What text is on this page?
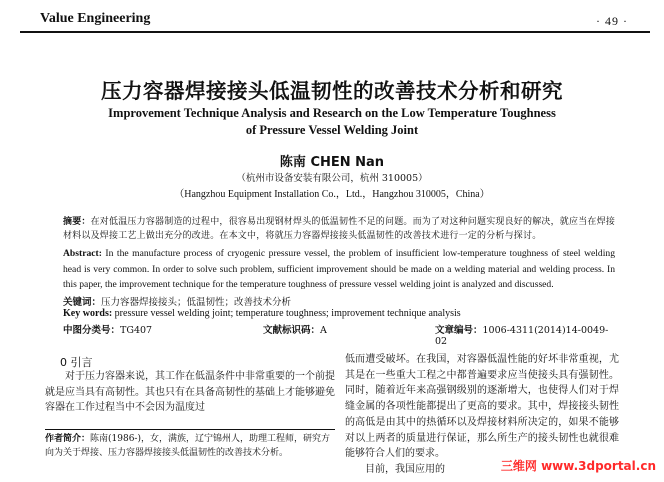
Value Engineering	· 49 ·
压力容器焊接接头低温韧性的改善技术分析和研究
Improvement Technique Analysis and Research on the Low Temperature Toughness
of Pressure Vessel Welding Joint
陈南 CHEN Nan
（杭州市设备安装有限公司，杭州 310005）
（Hangzhou Equipment Installation Co.，Ltd.，Hangzhou 310005，China）
摘要：在对低温压力容器制造的过程中，很容易出现钢材焊头的低温韧性不足的问题。而为了对这种问题实现良好的解决，就应当在焊接材料以及焊接工艺上做出充分的改进。在本文中，将就压力容器焊接接头低温韧性的改善技术进行一定的分析与探讨。
Abstract: In the manufacture process of cryogenic pressure vessel, the problem of insufficient low-temperature toughness of steel welding head is very common. In order to solve such problem, sufficient improvement should be made on a welding material and welding process. In this paper, the improvement technique for the temperature toughness of pressure vessel welding joint is analyzed and discussed.
关键词：压力容器焊接接头；低温韧性；改善技术分析
Key words: pressure vessel welding joint; temperature toughness; improvement technique analysis
中图分类号：TG407	文献标识码：A	文章编号：1006-4311(2014)14-0049-02
0 引言
对于压力容器来说，其工作在低温条件中非常重要的一个前提就是应当具有高韧性。其也只有在具备高韧性的基础上才能够避免容器在工作过程当中不会因为温度过
作者简介：陈南(1986-)，女，满族，辽宁锦州人，助理工程师，研究方向为关于焊接、压力容器焊接接头低温韧性的改善技术分析。
低而遭受破坏。在我国，对容器低温性能的好坏非常重视，尤其是在一些重大工程之中都普遍要求应当使接头具有强韧性。同时，随着近年来高强钢级别的逐渐增大，也使得人们对于焊缝金属的各项性能都提出了更高的要求。其中，焊接接头韧性的高低是由其中的热循环以及焊接材料所决定的，如果不能够对以上两者的质量进行保证，那么所生产的接头韧性也就很难能够符合人们的要求。
目前，我国应用的	三维网 www.3dportal.cn
